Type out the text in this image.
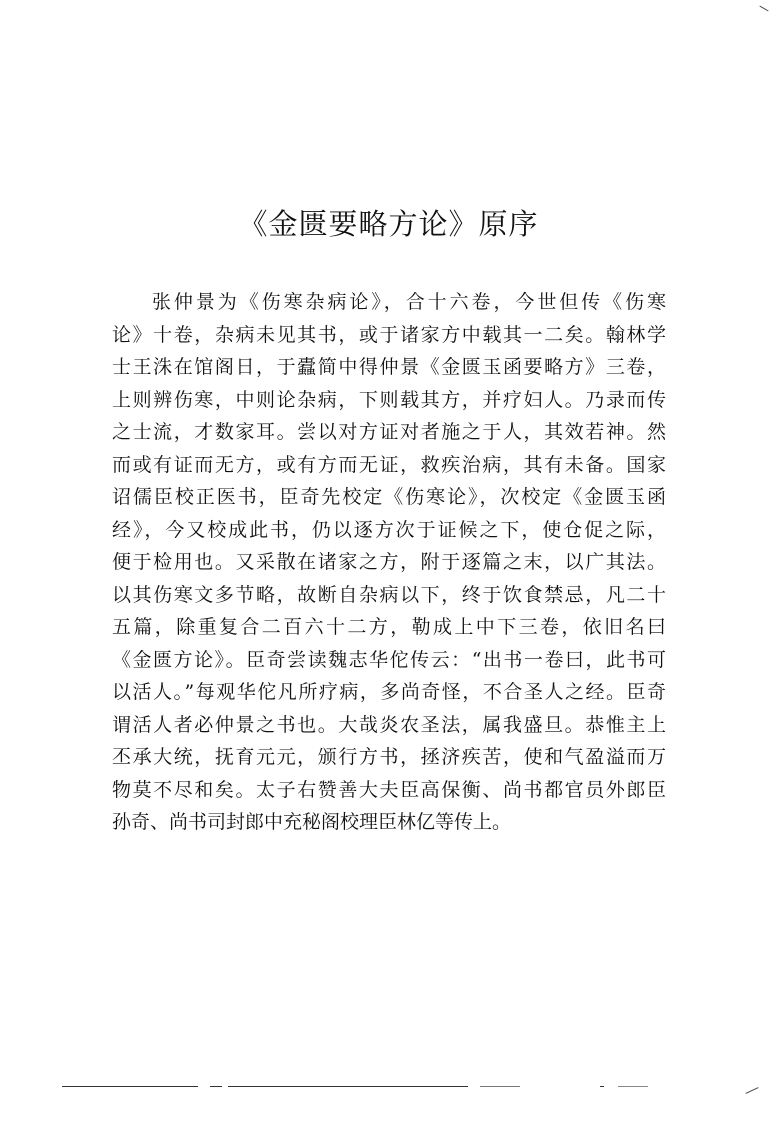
《金匮要略方论》原序
张仲景为《伤寒杂病论》，合十六卷，今世但传《伤寒
论》十卷，杂病未见其书，或于诸家方中载其一二矣。翰林学
士王洙在馆阁日，于蠹简中得仲景《金匮玉函要略方》三卷，
上则辨伤寒，中则论杂病，下则载其方，并疗妇人。乃录而传
之士流，才数家耳。尝以对方证对者施之于人，其效若神。然
而或有证而无方，或有方而无证，救疾治病，其有未备。国家
诏儒臣校正医书，臣奇先校定《伤寒论》，次校定《金匮玉函
经》，今又校成此书，仍以逐方次于证候之下，使仓促之际，
便于检用也。又采散在诸家之方，附于逐篇之末，以广其法。
以其伤寒文多节略，故断自杂病以下，终于饮食禁忌，凡二十
五篇，除重复合二百六十二方，勒成上中下三卷，依旧名曰
《金匮方论》。臣奇尝读魏志华佗传云：“出书一卷曰，此书可
以活人。”每观华佗凡所疗病，多尚奇怪，不合圣人之经。臣奇
谓活人者必仲景之书也。大哉炎农圣法，属我盛旦。恭惟主上
丕承大统，抚育元元，颁行方书，拯济疾苦，使和气盈溢而万
物莫不尽和矣。太子右赞善大夫臣高保衡、尚书都官员外郎臣
孙奇、尚书司封郎中充秘阁校理臣林亿等传上。
